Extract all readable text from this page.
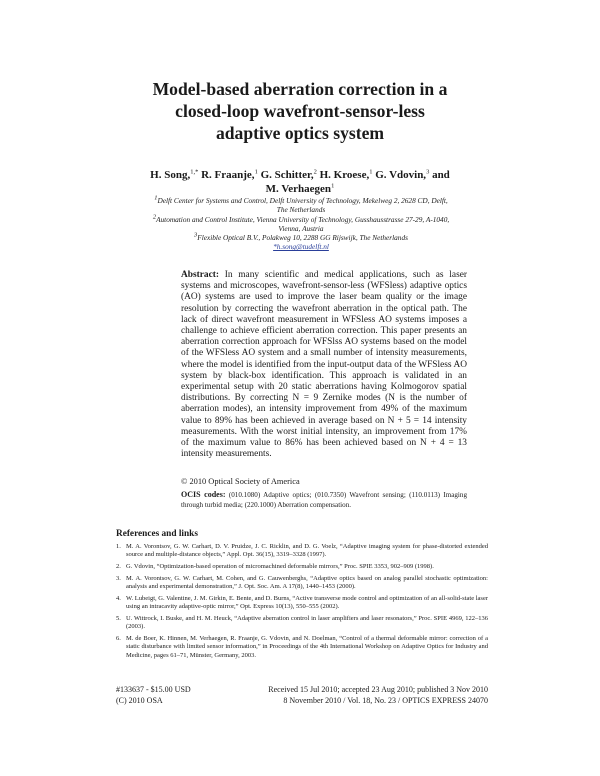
Model-based aberration correction in a
closed-loop wavefront-sensor-less
adaptive optics system
H. Song,$^{1,*}$ R. Fraanje,$^1$ G. Schitter,$^2$ H. Kroese,$^1$ G. Vdovin,$^3$ and M. Verhaegen$^1$
1Delft Center for Systems and Control, Delft University of Technology, Mekelweg 2, 2628 CD, Delft, The Netherlands
2Automation and Control Institute, Vienna University of Technology, Gusshausstrasse 27-29, A-1040, Vienna, Austria
3Flexible Optical B.V., Polakweg 10, 2288 GG Rijswijk, The Netherlands
*h.song@tudelft.nl
Abstract: In many scientific and medical applications, such as laser systems and microscopes, wavefront-sensor-less (WFSless) adaptive optics (AO) systems are used to improve the laser beam quality or the image resolution by correcting the wavefront aberration in the optical path. The lack of direct wavefront measurement in WFSless AO systems imposes a challenge to achieve efficient aberration correction. This paper presents an aberration correction approach for WFSlss AO systems based on the model of the WFSless AO system and a small number of intensity measurements, where the model is identified from the input-output data of the WFSless AO system by black-box identification. This approach is validated in an experimental setup with 20 static aberrations having Kolmogorov spatial distributions. By correcting N = 9 Zernike modes (N is the number of aberration modes), an intensity improvement from 49% of the maximum value to 89% has been achieved in average based on N + 5 = 14 intensity measurements. With the worst initial intensity, an improvement from 17% of the maximum value to 86% has been achieved based on N + 4 = 13 intensity measurements.
© 2010 Optical Society of America
OCIS codes: (010.1080) Adaptive optics; (010.7350) Wavefront sensing; (110.0113) Imaging through turbid media; (220.1000) Aberration compensation.
References and links
1. M. A. Vorontsov, G. W. Carhart, D. V. Pruidze, J. C. Ricklin, and D. G. Voelz, “Adaptive imaging system for phase-distorted extended source and multiple-distance objects,” Appl. Opt. 36(15), 3319–3328 (1997).
2. G. Vdovin, “Optimization-based operation of micromachined deformable mirrors,” Proc. SPIE 3353, 902–909 (1998).
3. M. A. Vorontsov, G. W. Carhart, M. Cohen, and G. Cauwenberghs, “Adaptive optics based on analog parallel stochastic optimization: analysis and experimental demonstration,” J. Opt. Soc. Am. A 17(8), 1440–1453 (2000).
4. W. Lubeigt, G. Valentine, J. M. Girkin, E. Bente, and D. Burns, “Active transverse mode control and optimization of an all-solid-state laser using an intracavity adaptive-optic mirror,” Opt. Express 10(13), 550–555 (2002).
5. U. Wittrock, I. Buske, and H. M. Heuck, “Adaptive aberration control in laser amplifiers and laser resonators,” Proc. SPIE 4969, 122–136 (2003).
6. M. de Boer, K. Hinnen, M. Verhaegen, R. Fraanje, G. Vdovin, and N. Doelman, “Control of a thermal deformable mirror: correction of a static disturbance with limited sensor information,” in Proceedings of the 4th International Workshop on Adaptive Optics for Industry and Medicine, pages 61–71, Münster, Germany, 2003.
#133637 - $15.00 USD
(C) 2010 OSA
Received 15 Jul 2010; accepted 23 Aug 2010; published 3 Nov 2010
8 November 2010 / Vol. 18, No. 23 / OPTICS EXPRESS 24070
